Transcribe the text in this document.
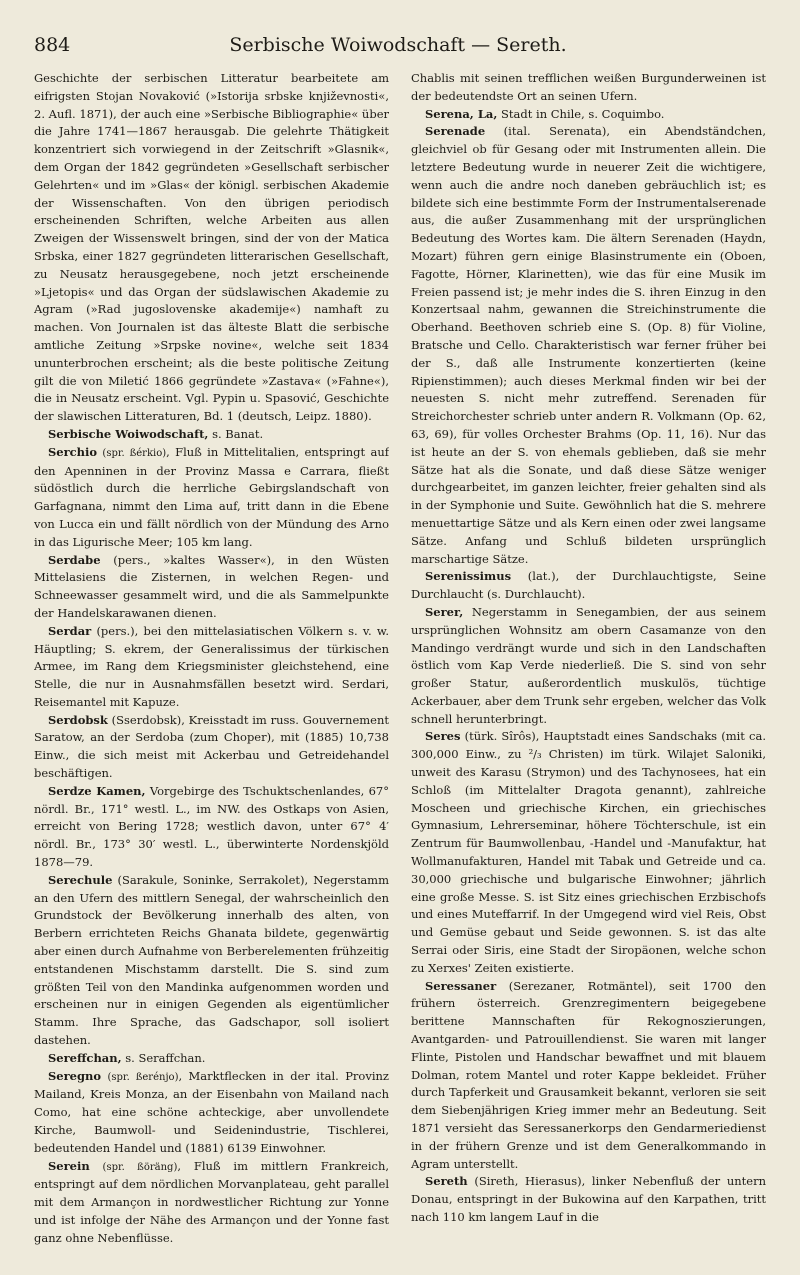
884	Serbische Woiwodschaft — Sereth.

Geschichte der serbischen Litteratur bearbeitete am eifrigsten Stojan Novaković (»Istorija srbske književnosti«, 2. Aufl. 1871), der auch eine »Serbische Bibliographie« über die Jahre 1741—1867 herausgab. Die gelehrte Thätigkeit konzentriert sich vorwiegend in der Zeitschrift »Glasnik«, dem Organ der 1842 gegründeten »Gesellschaft serbischer Gelehrten« und im »Glas« der königl. serbischen Akademie der Wissenschaften. Von den übrigen periodisch erscheinenden Schriften, welche Arbeiten aus allen Zweigen der Wissenswelt bringen, sind der von der Matica Srbska, einer 1827 gegründeten litterarischen Gesellschaft, zu Neusatz herausgegebene, noch jetzt erscheinende »Ljetopis« und das Organ der südslawischen Akademie zu Agram (»Rad jugoslovenske akademije«) namhaft zu machen. Von Journalen ist das älteste Blatt die serbische amtliche Zeitung »Srpske novine«, welche seit 1834 ununterbrochen erscheint; als die beste politische Zeitung gilt die von Miletić 1866 gegründete »Zastava« (»Fahne«), die in Neusatz erscheint. Vgl. Pypin u. Spasović, Geschichte der slawischen Litteraturen, Bd. 1 (deutsch, Leipz. 1880).

Serbische Woiwodschaft, s. Banat.

Serchio (spr. ßérkio), Fluß in Mittelitalien, entspringt auf den Apenninen in der Provinz Massa e Carrara, fließt südöstlich durch die herrliche Gebirgslandschaft von Garfagnana, nimmt den Lima auf, tritt dann in die Ebene von Lucca ein und fällt nördlich von der Mündung des Arno in das Ligurische Meer; 105 km lang.

Serdabe (pers., »kaltes Wasser«), in den Wüsten Mittelasiens die Zisternen, in welchen Regen- und Schneewasser gesammelt wird, und die als Sammelpunkte der Handelskarawanen dienen.

Serdar (pers.), bei den mittelasiatischen Völkern s. v. w. Häuptling; S. ekrem, der Generalissimus der türkischen Armee, im Rang dem Kriegsminister gleichstehend, eine Stelle, die nur in Ausnahmsfällen besetzt wird. Serdari, Reisemantel mit Kapuze.

Serdobsk (Sserdobsk), Kreisstadt im russ. Gouvernement Saratow, an der Serdoba (zum Choper), mit (1885) 10,738 Einw., die sich meist mit Ackerbau und Getreidehandel beschäftigen.

Serdze Kamen, Vorgebirge des Tschuktschenlandes, 67° nördl. Br., 171° westl. L., im NW. des Ostkaps von Asien, erreicht von Bering 1728; westlich davon, unter 67° 4′ nördl. Br., 173° 30′ westl. L., überwinterte Nordenskjöld 1878—79.

Serechule (Sarakule, Soninke, Serrakolet), Negerstamm an den Ufern des mittlern Senegal, der wahrscheinlich den Grundstock der Bevölkerung innerhalb des alten, von Berbern errichteten Reichs Ghanata bildete, gegenwärtig aber einen durch Aufnahme von Berberelementen frühzeitig entstandenen Mischstamm darstellt. Die S. sind zum größten Teil von den Mandinka aufgenommen worden und erscheinen nur in einigen Gegenden als eigentümlicher Stamm. Ihre Sprache, das Gadschapor, soll isoliert dastehen.

Sereffchan, s. Seraffchan.

Seregno (spr. ßerénjo), Marktflecken in der ital. Provinz Mailand, Kreis Monza, an der Eisenbahn von Mailand nach Como, hat eine schöne achteckige, aber unvollendete Kirche, Baumwoll- und Seidenindustrie, Tischlerei, bedeutenden Handel und (1881) 6139 Einwohner.

Serein (spr. ßöräng), Fluß im mittlern Frankreich, entspringt auf dem nördlichen Morvanplateau, geht parallel mit dem Armançon in nordwestlicher Richtung zur Yonne und ist infolge der Nähe des Armançon und der Yonne fast ganz ohne Nebenflüsse.

Chablis mit seinen trefflichen weißen Burgunderweinen ist der bedeutendste Ort an seinen Ufern.

Serena, La, Stadt in Chile, s. Coquimbo.

Serenade (ital. Serenata), ein Abendständchen, gleichviel ob für Gesang oder mit Instrumenten allein. Die letztere Bedeutung wurde in neuerer Zeit die wichtigere, wenn auch die andre noch daneben gebräuchlich ist; es bildete sich eine bestimmte Form der Instrumentalserenade aus, die außer Zusammenhang mit der ursprünglichen Bedeutung des Wortes kam. Die ältern Serenaden (Haydn, Mozart) führen gern einige Blasinstrumente ein (Oboen, Fagotte, Hörner, Klarinetten), wie das für eine Musik im Freien passend ist; je mehr indes die S. ihren Einzug in den Konzertsaal nahm, gewannen die Streichinstrumente die Oberhand. Beethoven schrieb eine S. (Op. 8) für Violine, Bratsche und Cello. Charakteristisch war ferner früher bei der S., daß alle Instrumente konzertierten (keine Ripienstimmen); auch dieses Merkmal finden wir bei der neuesten S. nicht mehr zutreffend. Serenaden für Streichorchester schrieb unter andern R. Volkmann (Op. 62, 63, 69), für volles Orchester Brahms (Op. 11, 16). Nur das ist heute an der S. von ehemals geblieben, daß sie mehr Sätze hat als die Sonate, und daß diese Sätze weniger durchgearbeitet, im ganzen leichter, freier gehalten sind als in der Symphonie und Suite. Gewöhnlich hat die S. mehrere menuettartige Sätze und als Kern einen oder zwei langsame Sätze. Anfang und Schluß bildeten ursprünglich marschartige Sätze.

Serenissimus (lat.), der Durchlauchtigste, Seine Durchlaucht (s. Durchlaucht).

Serer, Negerstamm in Senegambien, der aus seinem ursprünglichen Wohnsitz am obern Casamanze von den Mandingo verdrängt wurde und sich in den Landschaften östlich vom Kap Verde niederließ. Die S. sind von sehr großer Statur, außerordentlich muskulös, tüchtige Ackerbauer, aber dem Trunk sehr ergeben, welcher das Volk schnell herunterbringt.

Seres (türk. Sîrôs), Hauptstadt eines Sandschaks (mit ca. 300,000 Einw., zu ²/₃ Christen) im türk. Wilajet Saloniki, unweit des Karasu (Strymon) und des Tachynosees, hat ein Schloß (im Mittelalter Dragota genannt), zahlreiche Moscheen und griechische Kirchen, ein griechisches Gymnasium, Lehrerseminar, höhere Töchterschule, ist ein Zentrum für Baumwollenbau, -Handel und -Manufaktur, hat Wollmanufakturen, Handel mit Tabak und Getreide und ca. 30,000 griechische und bulgarische Einwohner; jährlich eine große Messe. S. ist Sitz eines griechischen Erzbischofs und eines Muteffarrif. In der Umgegend wird viel Reis, Obst und Gemüse gebaut und Seide gewonnen. S. ist das alte Serrai oder Siris, eine Stadt der Siropäonen, welche schon zu Xerxes' Zeiten existierte.

Seressaner (Serezaner, Rotmäntel), seit 1700 den frühern österreich. Grenzregimentern beigegebene berittene Mannschaften für Rekognoszierungen, Avantgarden- und Patrouillendienst. Sie waren mit langer Flinte, Pistolen und Handschar bewaffnet und mit blauem Dolman, rotem Mantel und roter Kappe bekleidet. Früher durch Tapferkeit und Grausamkeit bekannt, verloren sie seit dem Siebenjährigen Krieg immer mehr an Bedeutung. Seit 1871 versieht das Seressanerkorps den Gendarmeriedienst in der frühern Grenze und ist dem Generalkommando in Agram unterstellt.

Sereth (Sireth, Hierasus), linker Nebenfluß der untern Donau, entspringt in der Bukowina auf den Karpathen, tritt nach 110 km langem Lauf in die
